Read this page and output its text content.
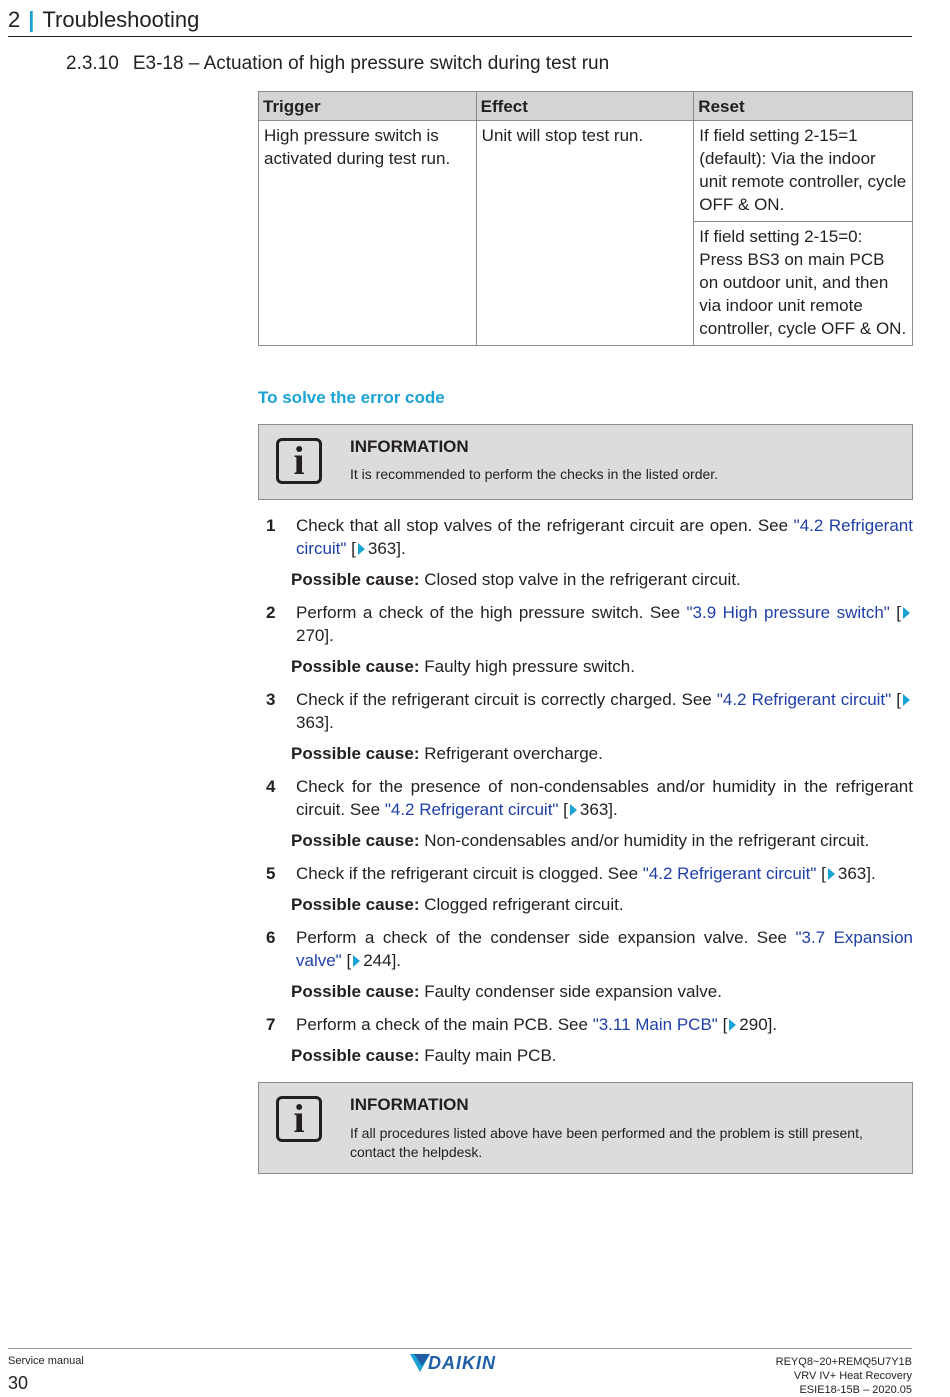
2 | Troubleshooting
2.3.10 E3-18 – Actuation of high pressure switch during test run
Trigger	Effect	Reset
High pressure switch is activated during test run.	Unit will stop test run.	If field setting 2-15=1 (default): Via the indoor unit remote controller, cycle OFF & ON.
		If field setting 2-15=0: Press BS3 on main PCB on outdoor unit, and then via indoor unit remote controller, cycle OFF & ON.
To solve the error code
i	INFORMATION
It is recommended to perform the checks in the listed order.
1 Check that all stop valves of the refrigerant circuit are open. See "4.2 Refrigerant circuit" [ 363].
Possible cause: Closed stop valve in the refrigerant circuit.
2 Perform a check of the high pressure switch. See "3.9 High pressure switch" [270].
Possible cause: Faulty high pressure switch.
3 Check if the refrigerant circuit is correctly charged. See "4.2 Refrigerant circuit" [363].
Possible cause: Refrigerant overcharge.
4 Check for the presence of non-condensables and/or humidity in the refrigerant circuit. See "4.2 Refrigerant circuit" [ 363].
Possible cause: Non-condensables and/or humidity in the refrigerant circuit.
5 Check if the refrigerant circuit is clogged. See "4.2 Refrigerant circuit" [ 363].
Possible cause: Clogged refrigerant circuit.
6 Perform a check of the condenser side expansion valve. See "3.7 Expansion valve" [ 244].
Possible cause: Faulty condenser side expansion valve.
7 Perform a check of the main PCB. See "3.11 Main PCB" [ 290].
Possible cause: Faulty main PCB.
i	INFORMATION
If all procedures listed above have been performed and the problem is still present, contact the helpdesk.
Service manual
30
DAIKIN	REYQ8~20+REMQ5U7Y1B
VRV IV+ Heat Recovery
ESIE18-15B – 2020.05
